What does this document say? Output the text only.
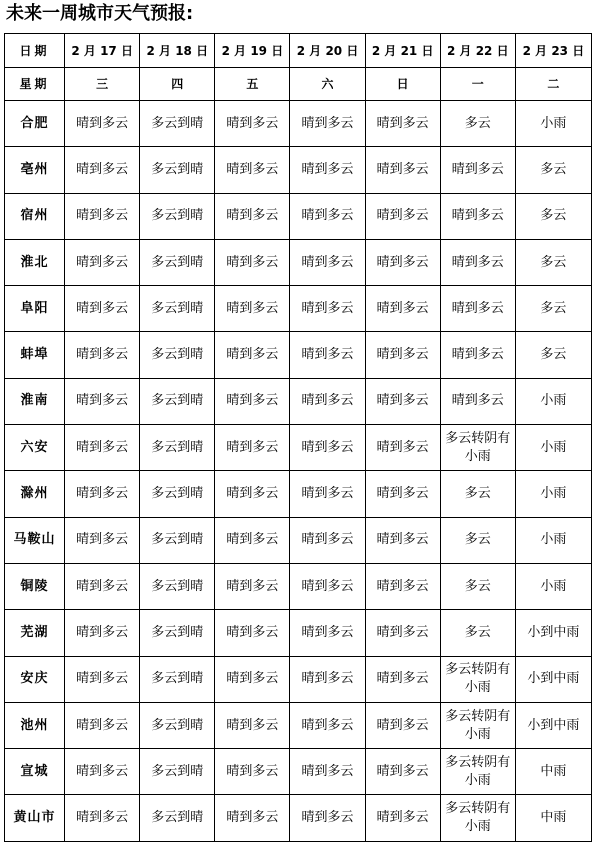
未来一周城市天气预报:
日期	2 月 17 日	2 月 18 日	2 月 19 日	2 月 20 日	2 月 21 日	2 月 22 日	2 月 23 日
星期	三	四	五	六	日	一	二
合肥	晴到多云	多云到晴	晴到多云	晴到多云	晴到多云	多云	小雨
亳州	晴到多云	多云到晴	晴到多云	晴到多云	晴到多云	晴到多云	多云
宿州	晴到多云	多云到晴	晴到多云	晴到多云	晴到多云	晴到多云	多云
淮北	晴到多云	多云到晴	晴到多云	晴到多云	晴到多云	晴到多云	多云
阜阳	晴到多云	多云到晴	晴到多云	晴到多云	晴到多云	晴到多云	多云
蚌埠	晴到多云	多云到晴	晴到多云	晴到多云	晴到多云	晴到多云	多云
淮南	晴到多云	多云到晴	晴到多云	晴到多云	晴到多云	晴到多云	小雨
六安	晴到多云	多云到晴	晴到多云	晴到多云	晴到多云	多云转阴有小雨	小雨
滁州	晴到多云	多云到晴	晴到多云	晴到多云	晴到多云	多云	小雨
马鞍山	晴到多云	多云到晴	晴到多云	晴到多云	晴到多云	多云	小雨
铜陵	晴到多云	多云到晴	晴到多云	晴到多云	晴到多云	多云	小雨
芜湖	晴到多云	多云到晴	晴到多云	晴到多云	晴到多云	多云	小到中雨
安庆	晴到多云	多云到晴	晴到多云	晴到多云	晴到多云	多云转阴有小雨	小到中雨
池州	晴到多云	多云到晴	晴到多云	晴到多云	晴到多云	多云转阴有小雨	小到中雨
宣城	晴到多云	多云到晴	晴到多云	晴到多云	晴到多云	多云转阴有小雨	中雨
黄山市	晴到多云	多云到晴	晴到多云	晴到多云	晴到多云	多云转阴有小雨	中雨
